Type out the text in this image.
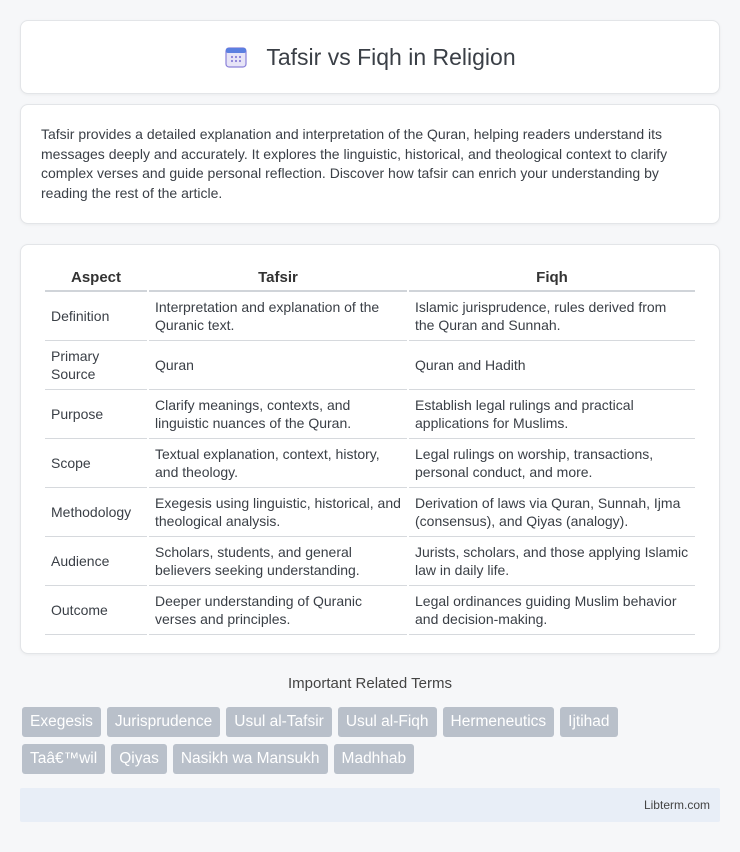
Tafsir vs Fiqh in Religion

Tafsir provides a detailed explanation and interpretation of the Quran, helping readers understand its messages deeply and accurately. It explores the linguistic, historical, and theological context to clarify complex verses and guide personal reflection. Discover how tafsir can enrich your understanding by reading the rest of the article.

Aspect	Tafsir	Fiqh
Definition	Interpretation and explanation of the Quranic text.	Islamic jurisprudence, rules derived from the Quran and Sunnah.
Primary Source	Quran	Quran and Hadith
Purpose	Clarify meanings, contexts, and linguistic nuances of the Quran.	Establish legal rulings and practical applications for Muslims.
Scope	Textual explanation, context, history, and theology.	Legal rulings on worship, transactions, personal conduct, and more.
Methodology	Exegesis using linguistic, historical, and theological analysis.	Derivation of laws via Quran, Sunnah, Ijma (consensus), and Qiyas (analogy).
Audience	Scholars, students, and general believers seeking understanding.	Jurists, scholars, and those applying Islamic law in daily life.
Outcome	Deeper understanding of Quranic verses and principles.	Legal ordinances guiding Muslim behavior and decision-making.
Important Related Terms
Exegesis	Jurisprudence	Usul al-Tafsir	Usul al-Fiqh	Hermeneutics	Ijtihad
Taâ€™wil	Qiyas	Nasikh wa Mansukh	Madhhab
Libterm.com
